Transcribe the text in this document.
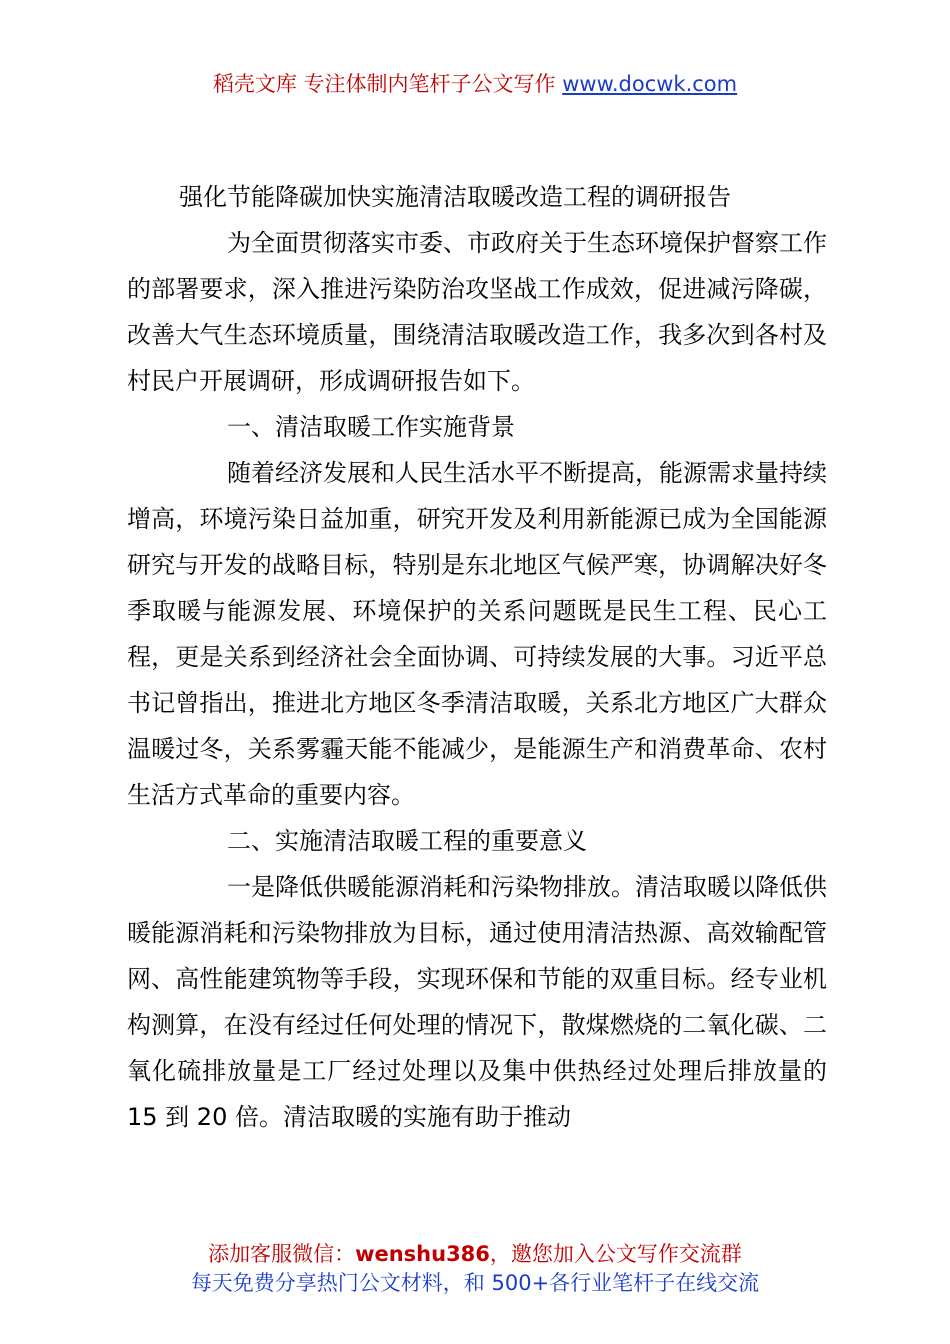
稻壳文库 专注体制内笔杆子公文写作 www.docwk.com

强化节能降碳加快实施清洁取暖改造工程的调研报告

为全面贯彻落实市委、市政府关于生态环境保护督察工作的部署要求，深入推进污染防治攻坚战工作成效，促进减污降碳，改善大气生态环境质量，围绕清洁取暖改造工作，我多次到各村及村民户开展调研，形成调研报告如下。

一、清洁取暖工作实施背景

随着经济发展和人民生活水平不断提高，能源需求量持续增高，环境污染日益加重，研究开发及利用新能源已成为全国能源研究与开发的战略目标，特别是东北地区气候严寒，协调解决好冬季取暖与能源发展、环境保护的关系问题既是民生工程、民心工程，更是关系到经济社会全面协调、可持续发展的大事。习近平总书记曾指出，推进北方地区冬季清洁取暖，关系北方地区广大群众温暖过冬，关系雾霾天能不能减少，是能源生产和消费革命、农村生活方式革命的重要内容。

二、实施清洁取暖工程的重要意义

一是降低供暖能源消耗和污染物排放。清洁取暖以降低供暖能源消耗和污染物排放为目标，通过使用清洁热源、高效输配管网、高性能建筑物等手段，实现环保和节能的双重目标。经专业机构测算，在没有经过任何处理的情况下，散煤燃烧的二氧化碳、二氧化硫排放量是工厂经过处理以及集中供热经过处理后排放量的 15 到 20 倍。清洁取暖的实施有助于推动

添加客服微信：wenshu386，邀您加入公文写作交流群
每天免费分享热门公文材料，和 500+各行业笔杆子在线交流
